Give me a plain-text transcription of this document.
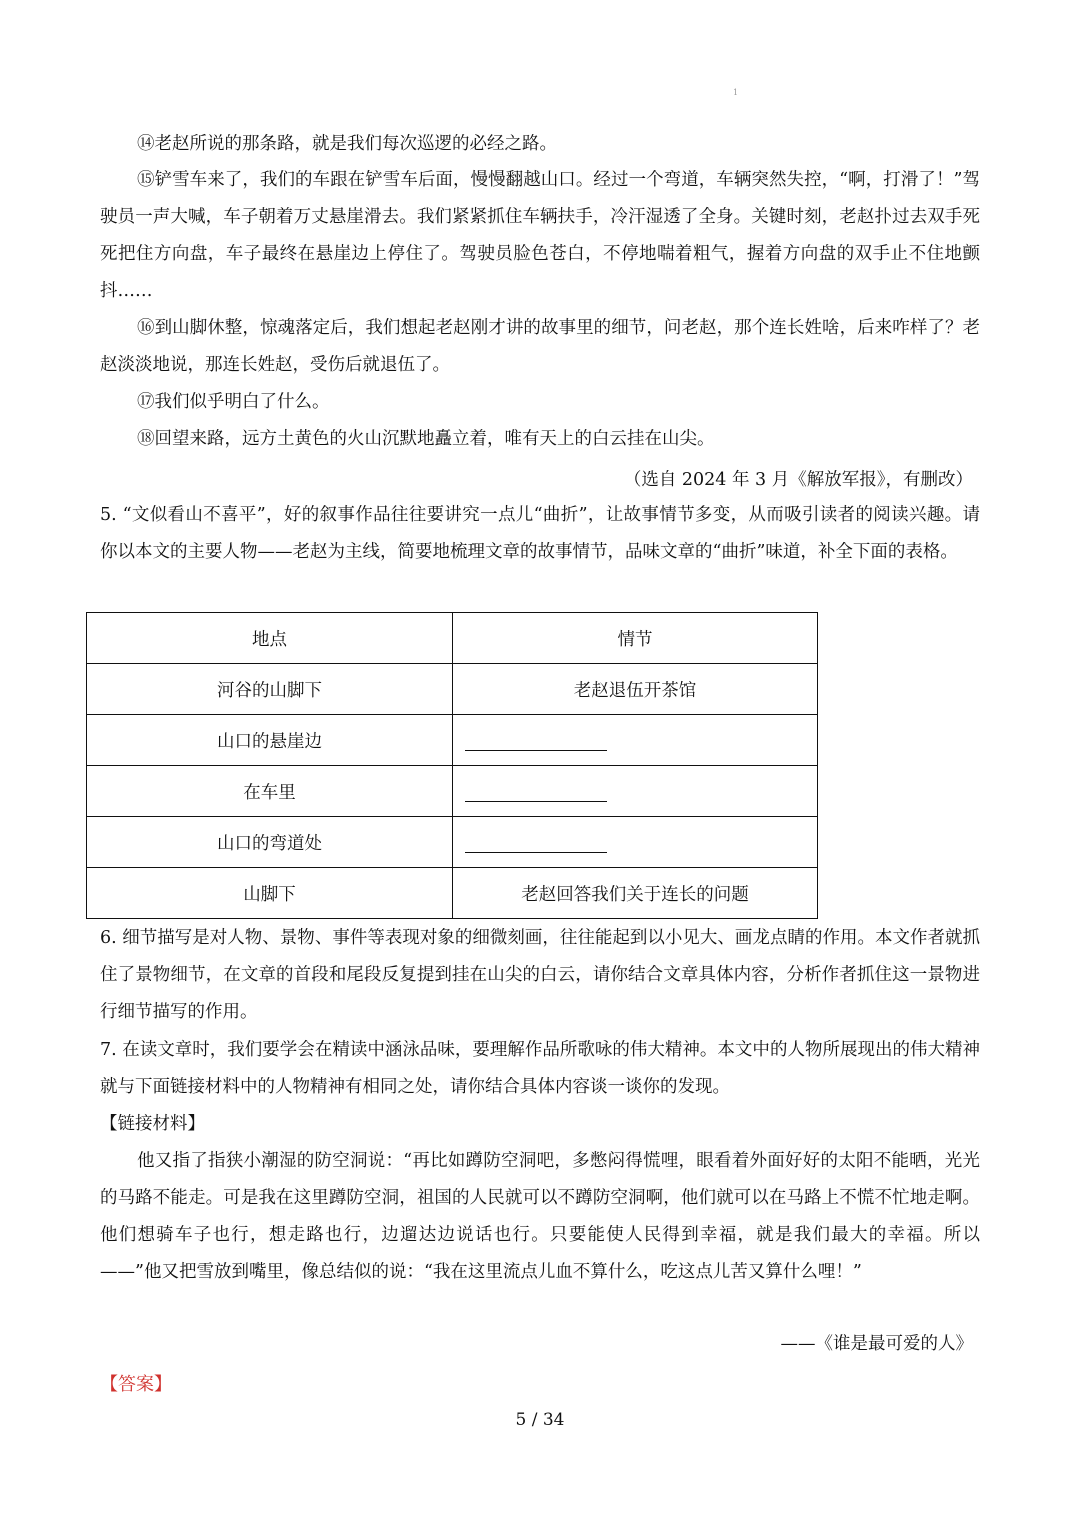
1

⑭老赵所说的那条路，就是我们每次巡逻的必经之路。

⑮铲雪车来了，我们的车跟在铲雪车后面，慢慢翻越山口。经过一个弯道，车辆突然失控，“啊，打滑了！”驾驶员一声大喊，车子朝着万丈悬崖滑去。我们紧紧抓住车辆扶手，冷汗湿透了全身。关键时刻，老赵扑过去双手死死把住方向盘，车子最终在悬崖边上停住了。驾驶员脸色苍白，不停地喘着粗气，握着方向盘的双手止不住地颤抖……

⑯到山脚休整，惊魂落定后，我们想起老赵刚才讲的故事里的细节，问老赵，那个连长姓啥，后来咋样了？老赵淡淡地说，那连长姓赵，受伤后就退伍了。

⑰我们似乎明白了什么。

⑱回望来路，远方土黄色的火山沉默地矗立着，唯有天上的白云挂在山尖。

（选自 2024 年 3 月《解放军报》，有删改）

5. “文似看山不喜平”，好的叙事作品往往要讲究一点儿“曲折”，让故事情节多变，从而吸引读者的阅读兴趣。请你以本文的主要人物——老赵为主线，简要地梳理文章的故事情节，品味文章的“曲折”味道，补全下面的表格。

地点	情节
河谷的山脚下	老赵退伍开茶馆
山口的悬崖边	
在车里	
山口的弯道处	
山脚下	老赵回答我们关于连长的问题

6. 细节描写是对人物、景物、事件等表现对象的细微刻画，往往能起到以小见大、画龙点睛的作用。本文作者就抓住了景物细节，在文章的首段和尾段反复提到挂在山尖的白云，请你结合文章具体内容，分析作者抓住这一景物进行细节描写的作用。

7. 在读文章时，我们要学会在精读中涵泳品味，要理解作品所歌咏的伟大精神。本文中的人物所展现出的伟大精神就与下面链接材料中的人物精神有相同之处，请你结合具体内容谈一谈你的发现。

【链接材料】

他又指了指狭小潮湿的防空洞说：“再比如蹲防空洞吧，多憋闷得慌哩，眼看着外面好好的太阳不能晒，光光的马路不能走。可是我在这里蹲防空洞，祖国的人民就可以不蹲防空洞啊，他们就可以在马路上不慌不忙地走啊。他们想骑车子也行，想走路也行，边遛达边说话也行。只要能使人民得到幸福，就是我们最大的幸福。所以——”他又把雪放到嘴里，像总结似的说：“我在这里流点儿血不算什么，吃这点儿苦又算什么哩！”

——《谁是最可爱的人》
【答案】
5 / 34
